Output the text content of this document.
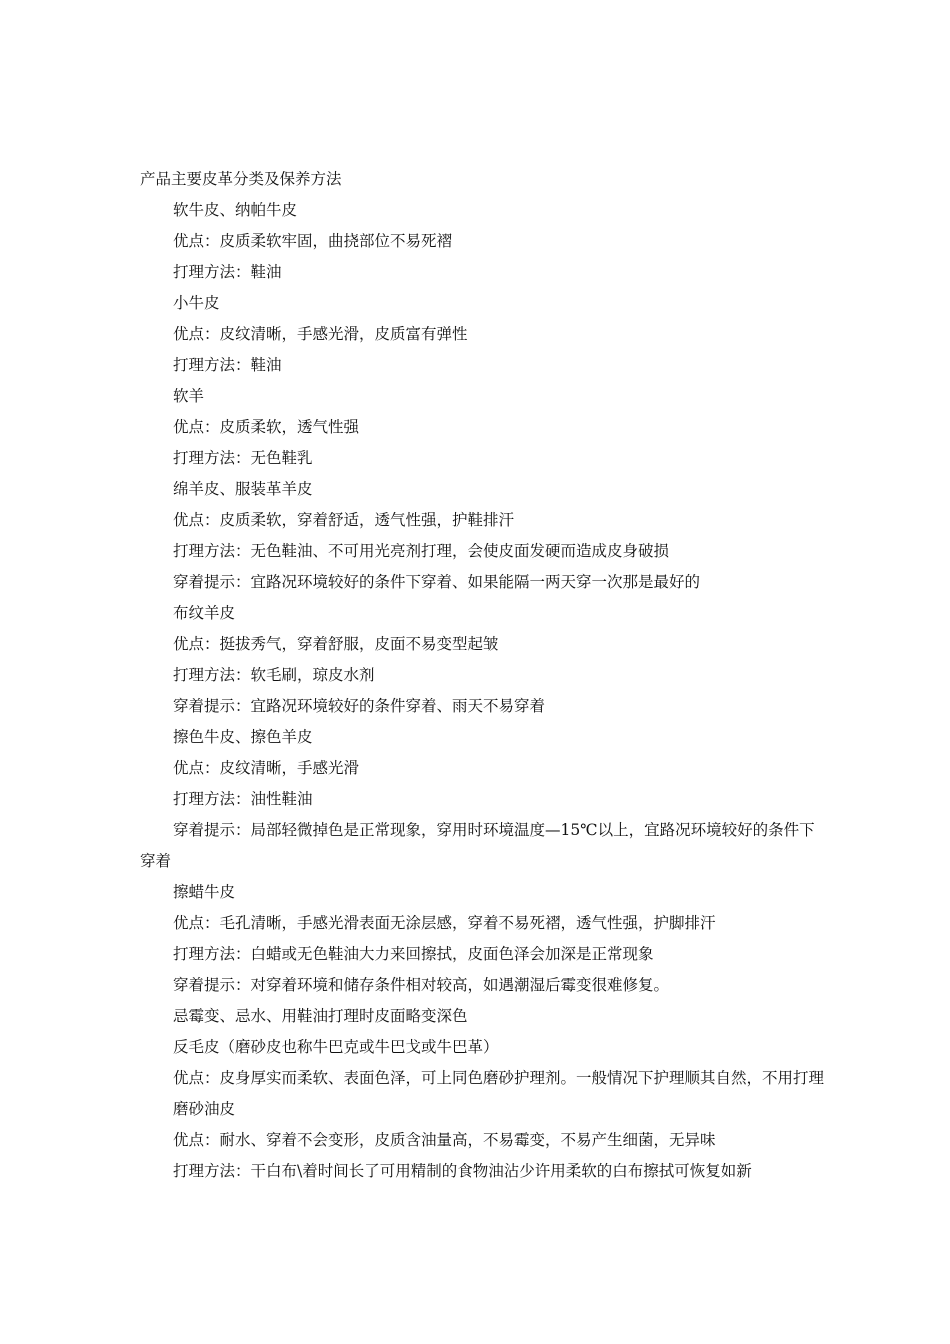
产品主要皮革分类及保养方法

软牛皮、纳帕牛皮

优点：皮质柔软牢固，曲挠部位不易死褶

打理方法：鞋油

小牛皮

优点：皮纹清晰，手感光滑，皮质富有弹性

打理方法：鞋油

软羊

优点：皮质柔软，透气性强

打理方法：无色鞋乳

绵羊皮、服装革羊皮

优点：皮质柔软，穿着舒适，透气性强，护鞋排汗

打理方法：无色鞋油、不可用光亮剂打理，会使皮面发硬而造成皮身破损

穿着提示：宜路况环境较好的条件下穿着、如果能隔一两天穿一次那是最好的

布纹羊皮

优点：挺拔秀气，穿着舒服，皮面不易变型起皱

打理方法：软毛刷，琼皮水剂

穿着提示：宜路况环境较好的条件穿着、雨天不易穿着

擦色牛皮、擦色羊皮

优点：皮纹清晰，手感光滑

打理方法：油性鞋油

穿着提示：局部轻微掉色是正常现象，穿用时环境温度—15℃以上，宜路况环境较好的条件下穿着

擦蜡牛皮

优点：毛孔清晰，手感光滑表面无涂层感，穿着不易死褶，透气性强，护脚排汗

打理方法：白蜡或无色鞋油大力来回擦拭，皮面色泽会加深是正常现象

穿着提示：对穿着环境和储存条件相对较高，如遇潮湿后霉变很难修复。

忌霉变、忌水、用鞋油打理时皮面略变深色

反毛皮（磨砂皮也称牛巴克或牛巴戈或牛巴革）

优点：皮身厚实而柔软、表面色泽，可上同色磨砂护理剂。一般情况下护理顺其自然，不用打理

磨砂油皮

优点：耐水、穿着不会变形，皮质含油量高，不易霉变，不易产生细菌，无异味

打理方法：干白布\着时间长了可用精制的食物油沾少许用柔软的白布擦拭可恢复如新
